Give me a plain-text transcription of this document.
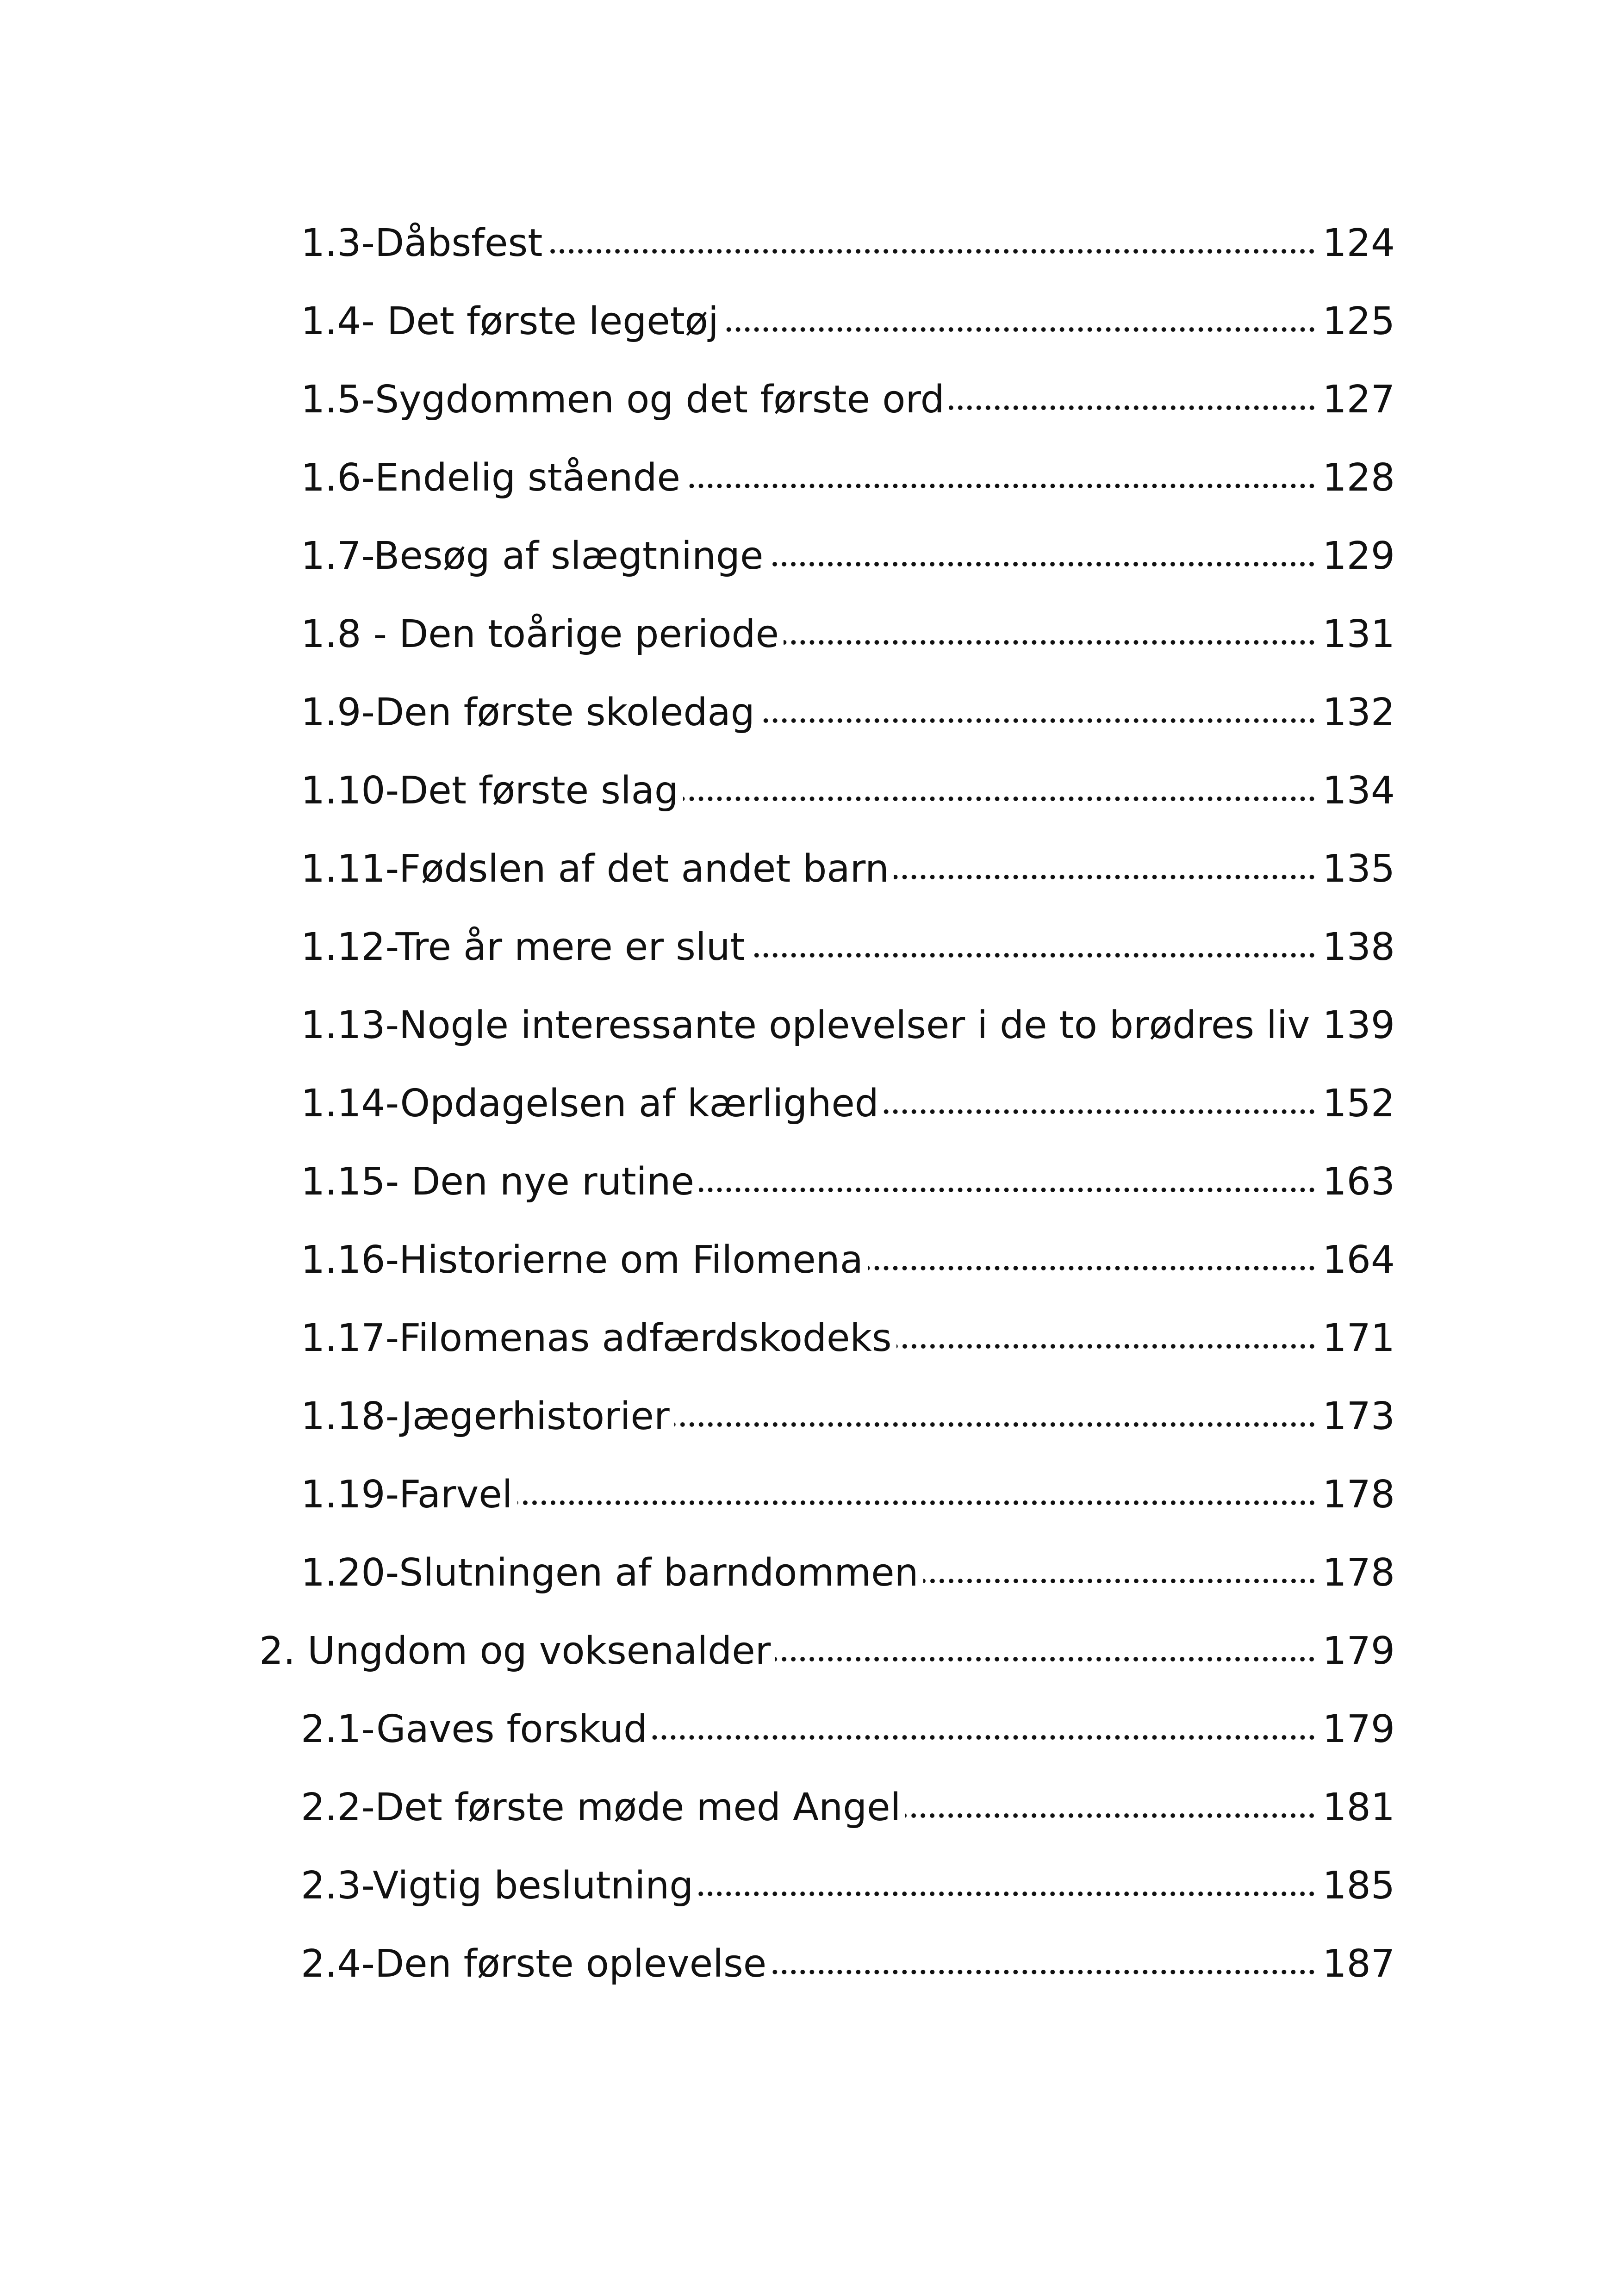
1.3-Dåbsfest	124
1.4- Det første legetøj	125
1.5-Sygdommen og det første ord	127
1.6-Endelig stående	128
1.7-Besøg af slægtninge	129
1.8 - Den toårige periode	131
1.9-Den første skoledag	132
1.10-Det første slag	134
1.11-Fødslen af det andet barn	135
1.12-Tre år mere er slut	138
1.13-Nogle interessante oplevelser i de to brødres liv 139
1.14-Opdagelsen af kærlighed	152
1.15- Den nye rutine	163
1.16-Historierne om Filomena	164
1.17-Filomenas adfærdskodeks	171
1.18-Jægerhistorier	173
1.19-Farvel	178
1.20-Slutningen af barndommen	178
2. Ungdom og voksenalder	179
2.1-Gaves forskud	179
2.2-Det første møde med Angel	181
2.3-Vigtig beslutning	185
2.4-Den første oplevelse	187
